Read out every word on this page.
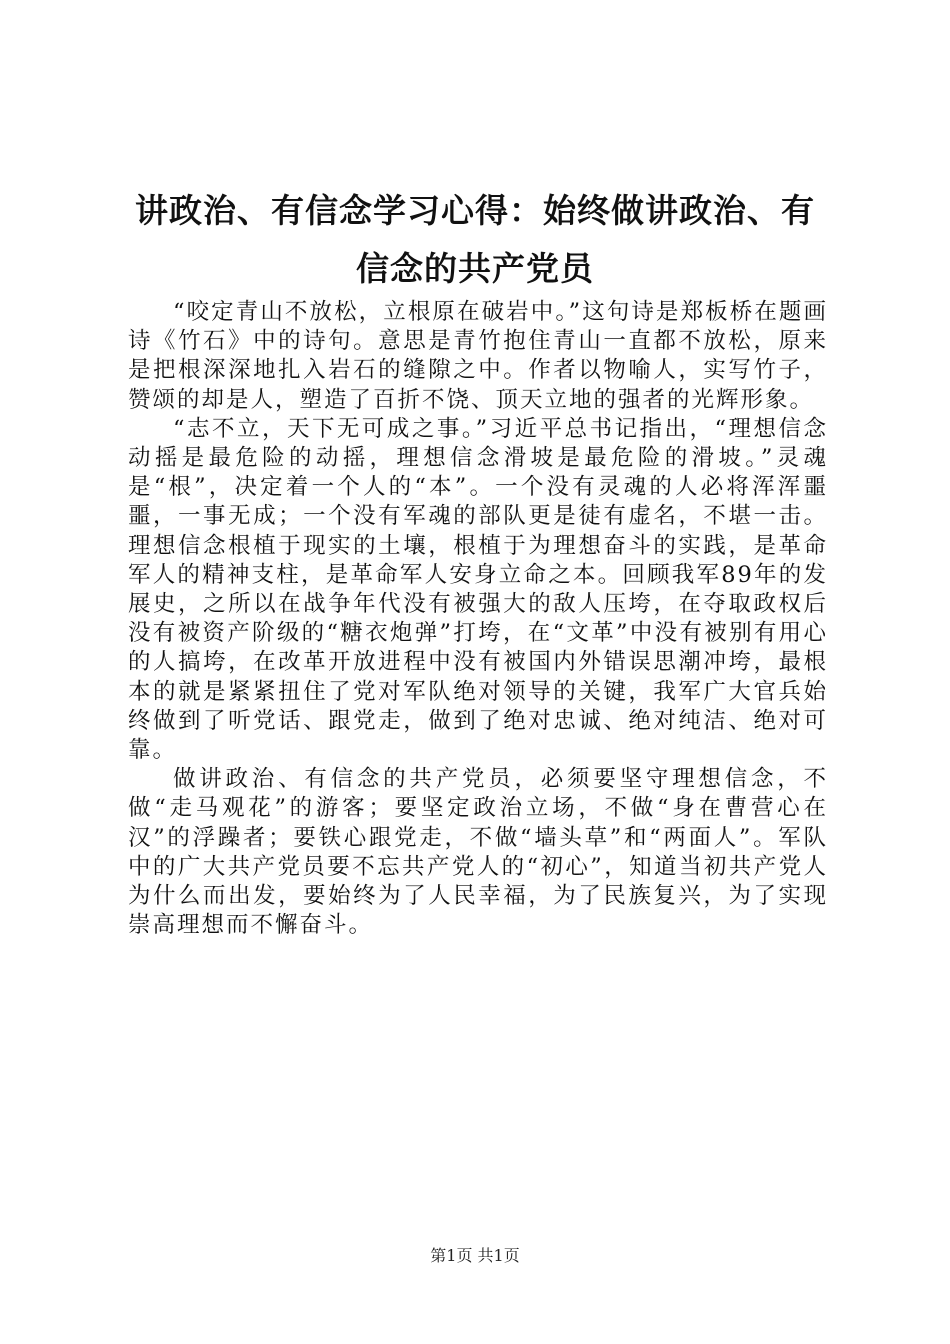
讲政治、有信念学习心得：始终做讲政治、有信念的共产党员

“咬定青山不放松，立根原在破岩中。”这句诗是郑板桥在题画诗《竹石》中的诗句。意思是青竹抱住青山一直都不放松，原来是把根深深地扎入岩石的缝隙之中。作者以物喻人，实写竹子，赞颂的却是人，塑造了百折不饶、顶天立地的强者的光辉形象。

“志不立，天下无可成之事。”习近平总书记指出，“理想信念动摇是最危险的动摇，理想信念滑坡是最危险的滑坡。”灵魂是“根”，决定着一个人的“本”。一个没有灵魂的人必将浑浑噩噩，一事无成；一个没有军魂的部队更是徒有虚名，不堪一击。理想信念根植于现实的土壤，根植于为理想奋斗的实践，是革命军人的精神支柱，是革命军人安身立命之本。回顾我军89年的发展史，之所以在战争年代没有被强大的敌人压垮，在夺取政权后没有被资产阶级的“糖衣炮弹”打垮，在“文革”中没有被别有用心的人搞垮，在改革开放进程中没有被国内外错误思潮冲垮，最根本的就是紧紧扭住了党对军队绝对领导的关键，我军广大官兵始终做到了听党话、跟党走，做到了绝对忠诚、绝对纯洁、绝对可靠。

做讲政治、有信念的共产党员，必须要坚守理想信念，不做“走马观花”的游客；要坚定政治立场，不做“身在曹营心在汉”的浮躁者；要铁心跟党走，不做“墙头草”和“两面人”。军队中的广大共产党员要不忘共产党人的“初心”，知道当初共产党人为什么而出发，要始终为了人民幸福，为了民族复兴，为了实现崇高理想而不懈奋斗。

第1页 共1页
